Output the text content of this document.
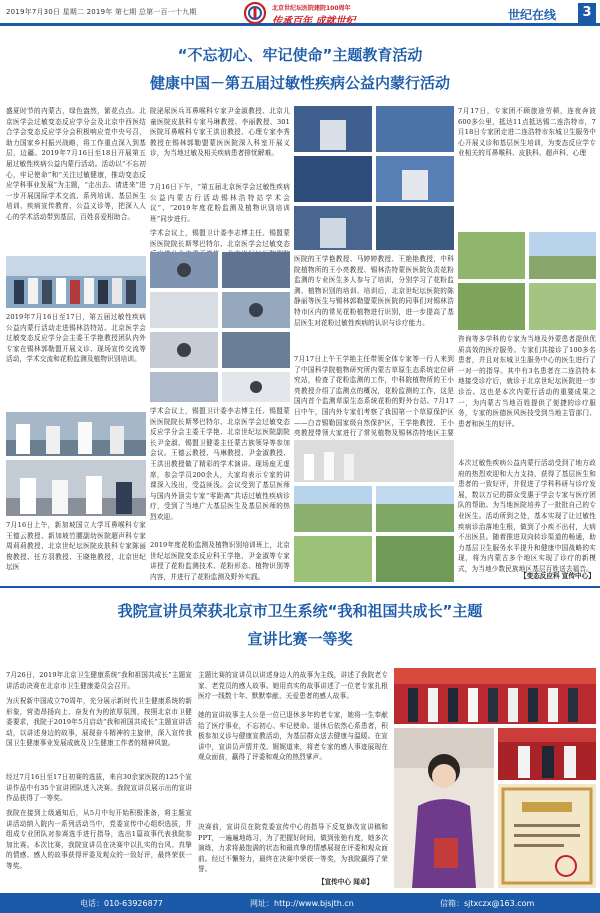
2019年7月30日 星期二 2019年 第七期 总第一百一十九期	北京世纪坛医院建院100周年
传承百年 成就世纪	世纪在线	3
“不忘初心、牢记使命”主题教育活动
健康中国－第五届过敏性疾病公益内蒙行活动
盛夏时节的内蒙古，绿色盎然，繁花点点。北京医学会过敏变态反应学分会及北京中西医结合学会变态反应学分会积极响应党中央号召，助力国家乡村振兴战略，将工作重点深入到基层，边疆。2019年7月16日至18日开展第五届过敏性疾病公益内蒙行活动。活动以“不忘初心，牢记使命”和“关注过敏健康，推动变态反应学科事业发展”为主题，“走出去、请进来”进一步开展国际学术交流、系列培训、基层医生培训、疾病宣传教育、公益义诊等，把深入人心的学术活动带到基层，百姓喜爱相助合。
2019年7月16日至17日，第五届过敏性疾病公益内蒙行活动走进锡林浩特站。北京医学会过敏变态反应学分会主委王学艳教授团队内外专家在锡林郭勒盟开展义诊、现场宣传交流等活动，学术交流和花粉监测及植物识别培训。
7月16日上午，新加坡国立大学耳鼻喉科专家王德云教授、新加坡竹腰副幼医院超声科专家周莉莉教授、北京世纪坛医院皮肤科专家陈丽俊教授、任方羽教授、王晓艳教授，北京世纪坛医
院泌尿医兵耳鼻喉科专家尹金淑教授、北京儿童医院皮肤科专家马琳教授、李丽教授、301医院耳鼻喉科专家王洪田教授、心理专家李秀教授在锡林郭勒盟蒙医医院深入科室开展义诊，为当地过敏及相关疾病患者排忧解难。
7月16日下午，“第五届北京医学会过敏性疾病公益内蒙古行活动锡林浩特站学术会议”、“2019年度花粉监测及植物识别培训班”同步进行。
学术会议上，锡盟卫计委李志博主任、锡盟蒙医医院院长斯琴巴特尔、北京医学会过敏变态
学术会议上，锡盟卫计委李志博主任、锡盟蒙医医院院长斯琴巴特尔、北京医学会过敏变态反应学分会主委王学艳、北京世纪坛医院副院长尹金淑、锡盟卫健委主任蒙古族领导等参加会议。王德云教授、马琳教授、尹金淑教授、王洪田教授做了精彩的学术演讲。现场座无虚席，参会学员200余人，大家均表示专家的讲课深入浅出，受益匪浅。会议受到了基层医师与国内外顶尖专家“零距离”共话过敏性疾病诊疗，受到了当地广大基层医生及基层医师的热烈欢迎。
2019年度花粉监测及植物识别培训班上，北京世纪坛医院变态反应科王学艳、尹金淑等专家讲授了花粉监测技术、花粉形态、植物识别等内容，并进行了花粉监测及野外实践。
医院的王学艳教授、马婷婷教授、王艳艳教授，中科院植物所的王小亮教授、锡林浩特蒙医医院负责花粉监测的专业医生多人参与了培训，分别学习了花粉监测、植物识别的培训、培训后，北京世纪坛医院的陈静丽等医生与锡林郭勒盟蒙医医院的同事们对锡林浩特市区内的常见花粉植物进行识别，进一步提高了基层医生对花粉过敏性疾病的认识与诊疗能力。
7月17日上午王学艳主任带领全体专家等一行人来到了中国科学院植物研究所内蒙古草原生态系统定位研究站，检查了花粉监测的工作，中科院植物所的王小亮教授介绍了监测点的概况，花粉监测的工作，这是国内首个监测草原生态系统花粉的野外台站。7月17日中午，国内外专家们考察了我国第一个草原保护区——白音锡勒国家级自然保护区，王学艳教授、王小亮教授带领大家进行了常见植物及锡林浩特地区主要
7月17日，专家团不顾旅途劳顿，连夜奔波600多公里，抵达11点抵达锡二连浩特市，7月18日专家团走进二连浩特市东城卫生服务中心开展义诊和基层医生培训，为变态反应学专业相关的耳鼻喉科、皮肤科、超声科、心理
咨询等多学科的专家为当地及外蒙患者提供优质高效的医疗服务。专家们共接诊了100多名患者，并且对东城卫生服务中心的医生进行了一对一的指导。其中有3名患者在二连浩特本地接受诊疗后，就诊于北京世纪坛医院进一步诊治。这也是本次内蒙行活动的重要成果之一，为内蒙古当地百姓提供了便捷的诊疗服务，专家的医德医风医技受到当地主管部门、患者和医生的好评。
本次过敏性疾病公益内蒙行活动受到了地方政府的热烈欢迎和大力支持，获得了基层医生和患者的一致好评，并促进了学科科研与诊疗发展，数以万记的群众受惠于学会专家与医疗团队的帮助。为当地医院培养了一批批自己的专业医生。活动所到之处，基本实现了让过敏性疾病诊治落地生根，做到了小疾不出村，大病不出医县。随着推进双向转诊渠道的畅通，助力基层卫生服务水平提升和健康中国战略的实现，将为内蒙古多个地区实现了诊疗的新模式，为当地少数民族地区基层百姓送去福音。
【变态反应科 宣传中心】
我院宣讲员荣获北京市卫生系统“我和祖国共成长”主题
宣讲比赛一等奖
7月26日，2019年北京卫生健康系统“我和祖国共成长”主题宣讲活动决赛在北京市卫生健康委员会召开。
为庆祝新中国成立70周年，充分展示新时代卫生健康系统的新形象，营造昂扬向上、奋发有为的浓厚氛围，按照北京市卫健委要求，我院于2019年5月启动“我和祖国共成长”主题宣讲活动，以讲述身边的故事，展现奋斗精神的主旋律，深入宣传我国卫生健康事业发展成就及卫生健康工作者的精神风貌。
经过7月16日至17日初赛的选拔，来自30余家医院的125个宣讲作品中有35个宣讲团队进入决赛。我院宣讲员展示出的宣讲作品获得了一等奖。
我院在接到上级通知后，从5月中旬开始积极准备，将主题宣讲活动纳入院内一系列活动当中，党委宣传中心组织选拔，并组成专业团队对参赛选手进行指导，选出1篇故事代表我院参加比赛。本次比赛，我院宣讲员在决赛中以扎实的台风、真挚的情感、感人的故事获得评委及观众的一致好评，最终荣获一等奖。
主题比赛的宣讲员以讲述身边人的故事为主线，讲述了我院老专家、老党员的感人故事。她用真实的故事讲述了一位老专家扎根医疗一线数十年、默默奉献、关爱患者的感人故事。
她的宣讲故事主人公是一位已退休多年的老专家，她将一生奉献给了医疗事业，不忘初心、牢记使命。退休后依然心系患者，积极参加义诊与健康宣教活动，为基层群众送去健康与温暖。在宣讲中，宣讲员声情并茂、娓娓道来，将老专家的感人事迹展现在观众面前，赢得了评委和观众的热烈掌声。
决赛前，宣讲员在院党委宣传中心的指导下反复修改宣讲稿和PPT，一遍遍地练习，为了把握好时间，做到张弛有度，她多次演练，力求将最饱满的状态和最真挚的情感展现在评委和观众面前。经过不懈努力，最终在决赛中荣获一等奖，为我院赢得了荣誉。
【宣传中心 闻卓】
电话：010-63926877	网址：http://www.bjsjth.cn	信箱：sjtxczx@163.com
